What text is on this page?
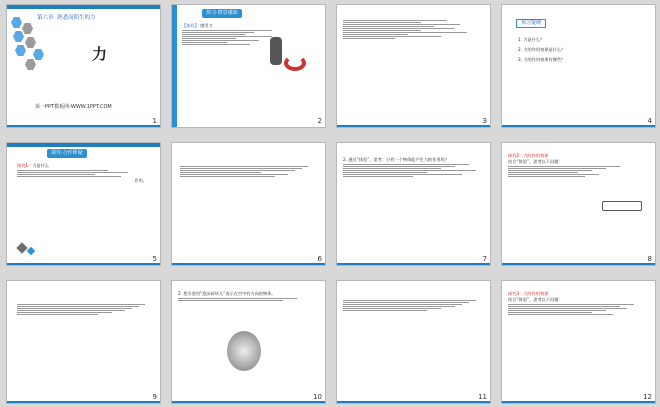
第六章 熟悉而陌生的力
力
第一PPT模板网-WWW.1PPT.COM
1
预习·情景感知
【体验】 感受力
2	3
预习提纲
1. 力是什么？
2. 力的作用效果是什么？
3. 力的作用效果有哪些？
4
探究·合作释疑
探究1：力是什么
作用。
5	6
2. 通过“体验”，思考：只有一个物体能产生力的作用吗？
7
探究2：力的作用效果
结合“体验”，思考以下问题：
8
9
2. 想引进用“泡沫砖块儿”表示在空中有方向的物体。
10	11
探究3：力的作用效果
结合“体验”，思考以下问题：
12
